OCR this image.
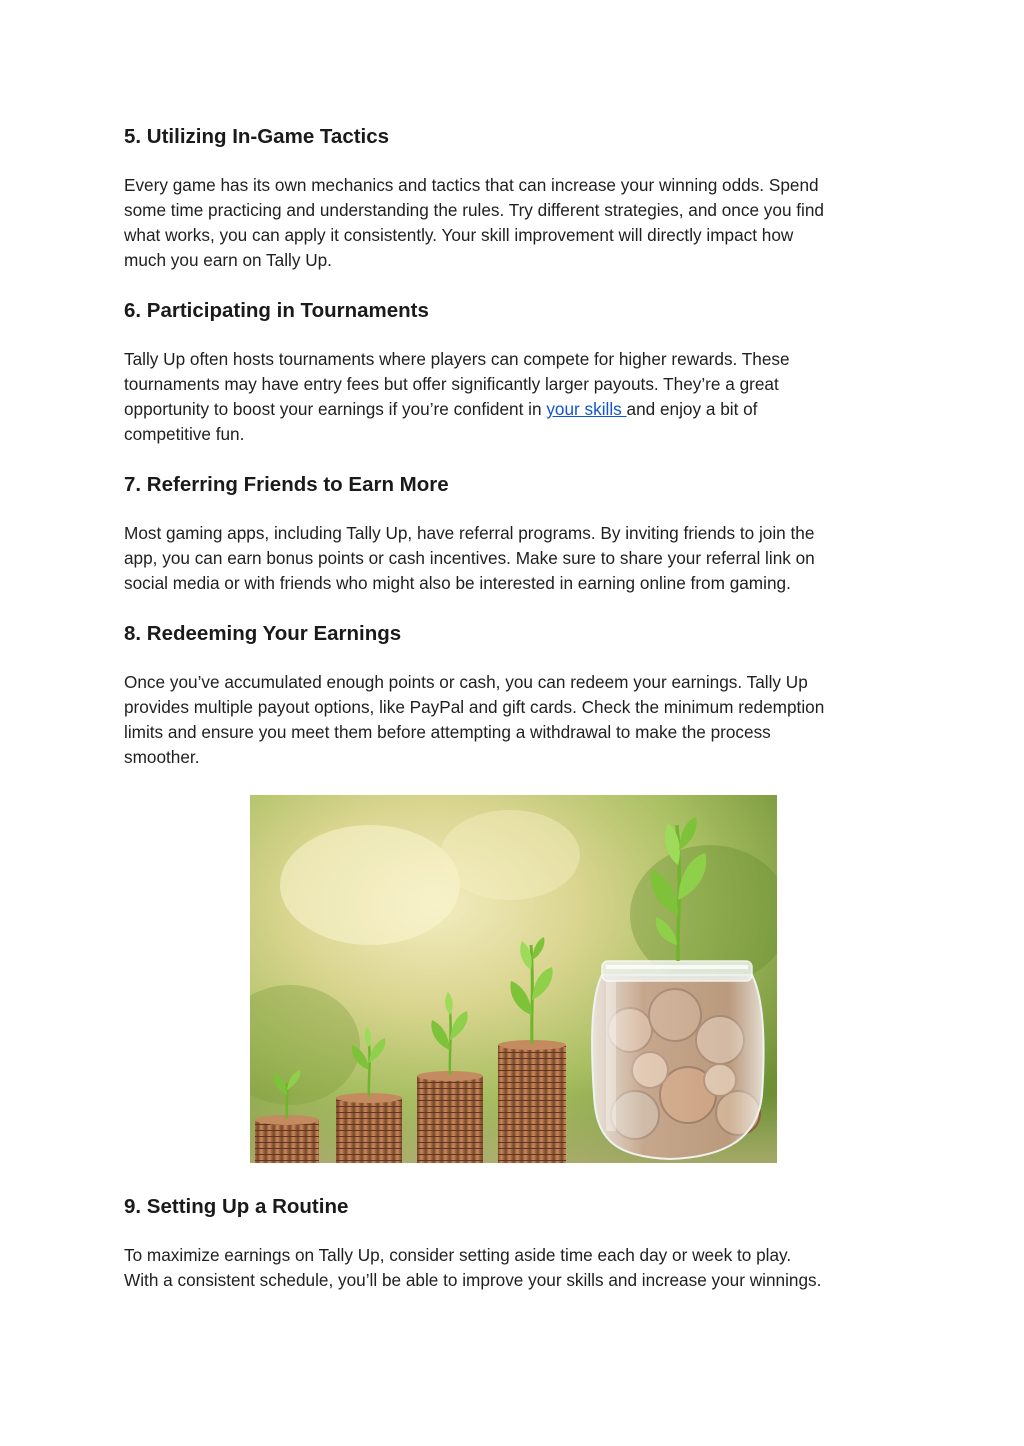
5. Utilizing In-Game Tactics

Every game has its own mechanics and tactics that can increase your winning odds. Spend
some time practicing and understanding the rules. Try different strategies, and once you find
what works, you can apply it consistently. Your skill improvement will directly impact how
much you earn on Tally Up.

6. Participating in Tournaments

Tally Up often hosts tournaments where players can compete for higher rewards. These
tournaments may have entry fees but offer significantly larger payouts. They’re a great
opportunity to boost your earnings if you’re confident in your skills and enjoy a bit of
competitive fun.

7. Referring Friends to Earn More

Most gaming apps, including Tally Up, have referral programs. By inviting friends to join the
app, you can earn bonus points or cash incentives. Make sure to share your referral link on
social media or with friends who might also be interested in earning online from gaming.

8. Redeeming Your Earnings

Once you’ve accumulated enough points or cash, you can redeem your earnings. Tally Up
provides multiple payout options, like PayPal and gift cards. Check the minimum redemption
limits and ensure you meet them before attempting a withdrawal to make the process
smoother.

9. Setting Up a Routine

To maximize earnings on Tally Up, consider setting aside time each day or week to play.
With a consistent schedule, you’ll be able to improve your skills and increase your winnings.
